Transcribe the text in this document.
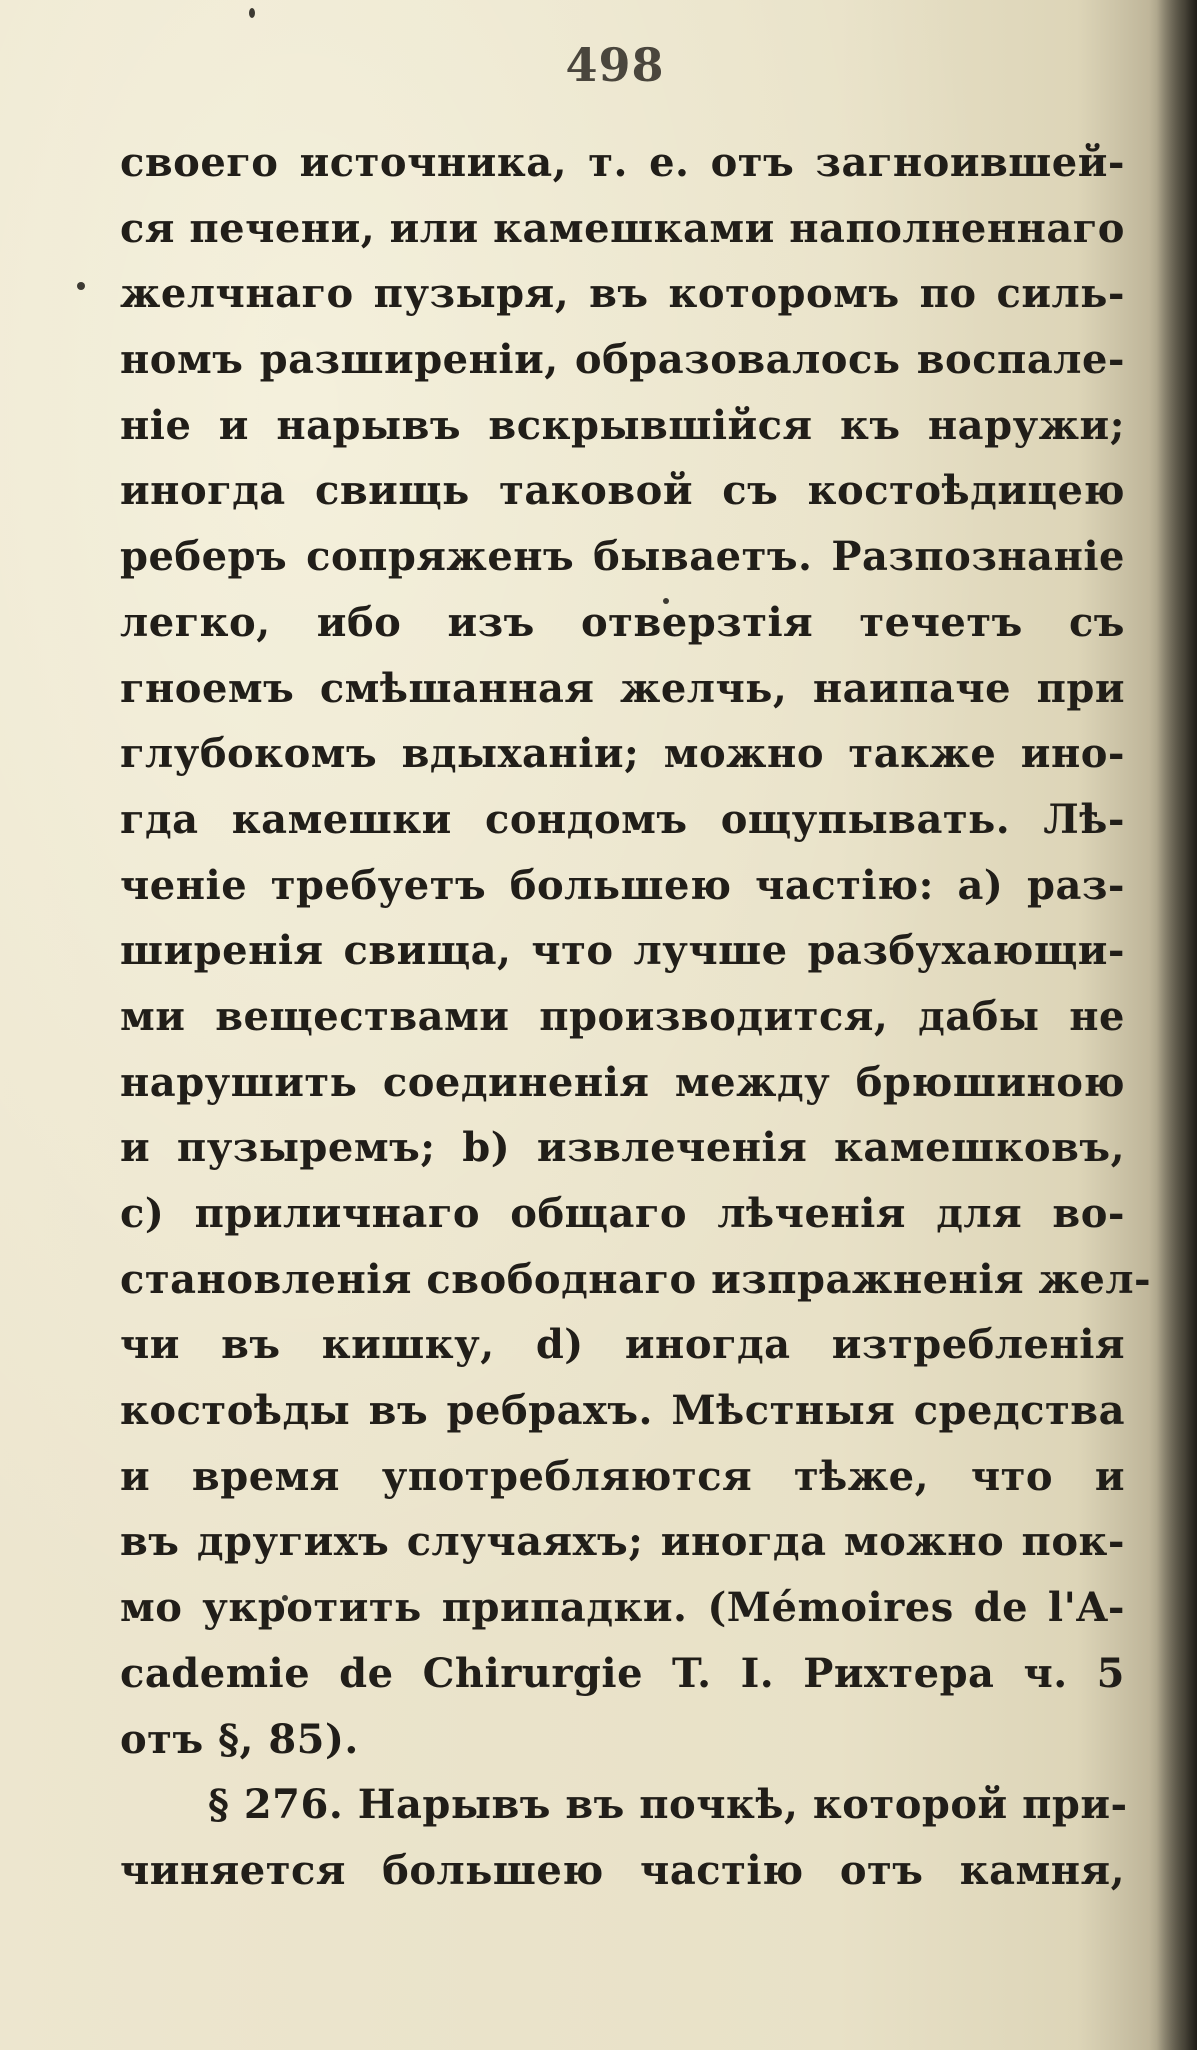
498
своего источника, т. е. отъ загноившей-
ся печени, или камешками наполненнаго
желчнаго пузыря, въ которомъ по силь-
номъ разширеніи, образовалось воспале-
ніе и нарывъ вскрывшійся къ наружи;
иногда свищь таковой съ костоѣдицею
реберъ сопряженъ бываетъ. Разпознаніе
легко, ибо изъ отверзтія течетъ съ
гноемъ смѣшанная желчь, наипаче при
глубокомъ вдыханіи; можно также ино-
гда камешки сондомъ ощупывать. Лѣ-
ченіе требуетъ большею частію: а) раз-
ширенія свища, что лучше разбухающи-
ми веществами производится, дабы не
нарушить соединенія между брюшиною
и пузыремъ; b) извлеченія камешковъ,
с) приличнаго общаго лѣченія для во-
становленія свободнаго изпражненія жел-
чи въ кишку, d) иногда изтребленія
костоѣды въ ребрахъ. Мѣстныя средства
и время употребляются тѣже, что и
въ другихъ случаяхъ; иногда можно пок-
мо укротить припадки. (Mémoires de l'A-
cademie de Chirurgie T. I. Рихтера ч. 5
отъ §, 85).
§ 276. Нарывъ въ почкѣ, которой при-
чиняется большею частію отъ камня,
